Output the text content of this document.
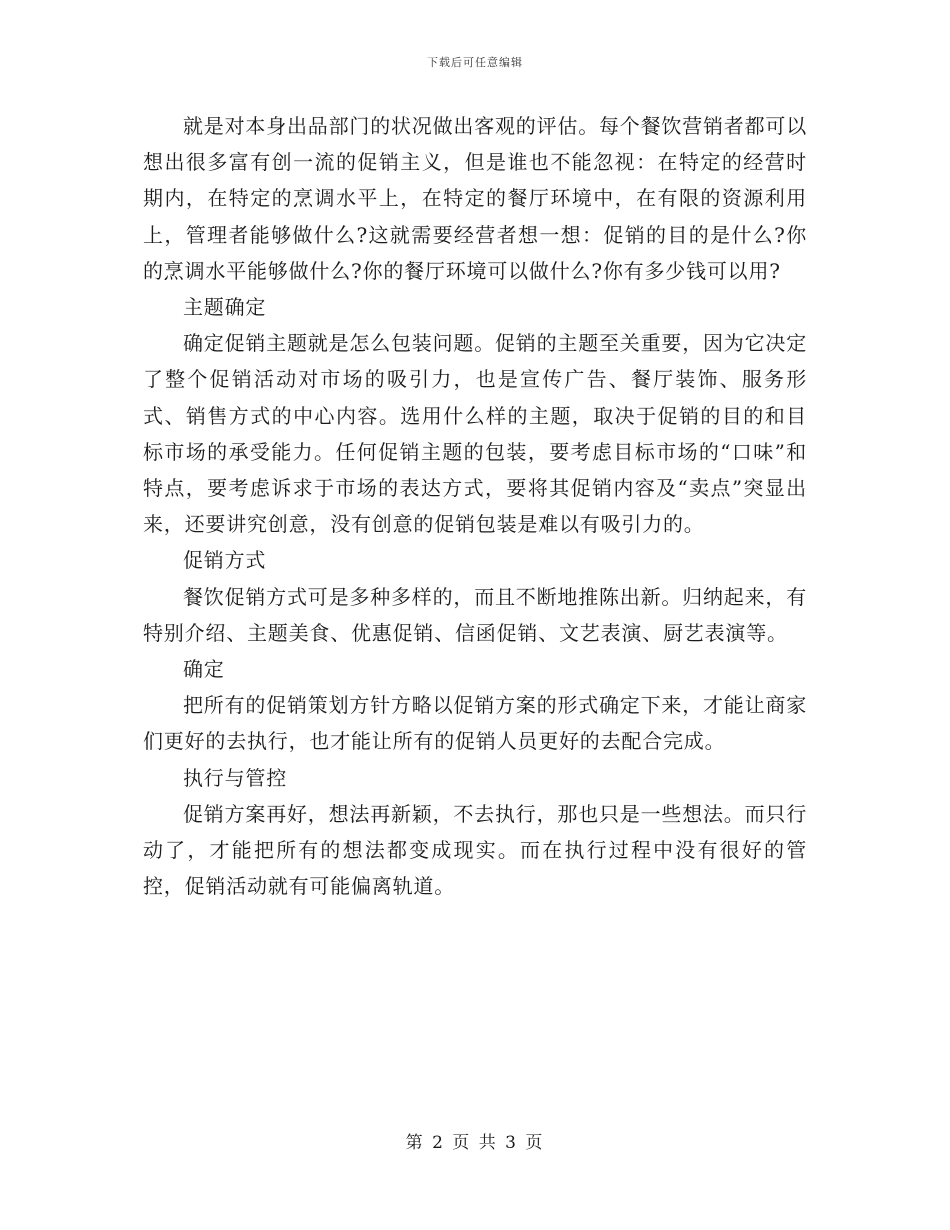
下载后可任意编辑

就是对本身出品部门的状况做出客观的评估。每个餐饮营销者都可以想出很多富有创一流的促销主义，但是谁也不能忽视：在特定的经营时期内，在特定的烹调水平上，在特定的餐厅环境中，在有限的资源利用上，管理者能够做什么?这就需要经营者想一想：促销的目的是什么?你的烹调水平能够做什么?你的餐厅环境可以做什么?你有多少钱可以用?

主题确定

确定促销主题就是怎么包装问题。促销的主题至关重要，因为它决定了整个促销活动对市场的吸引力，也是宣传广告、餐厅装饰、服务形式、销售方式的中心内容。选用什么样的主题，取决于促销的目的和目标市场的承受能力。任何促销主题的包装，要考虑目标市场的“口味”和特点，要考虑诉求于市场的表达方式，要将其促销内容及“卖点”突显出来，还要讲究创意，没有创意的促销包装是难以有吸引力的。

促销方式

餐饮促销方式可是多种多样的，而且不断地推陈出新。归纳起来，有特别介绍、主题美食、优惠促销、信函促销、文艺表演、厨艺表演等。

确定

把所有的促销策划方针方略以促销方案的形式确定下来，才能让商家们更好的去执行，也才能让所有的促销人员更好的去配合完成。

执行与管控

促销方案再好，想法再新颖，不去执行，那也只是一些想法。而只行动了，才能把所有的想法都变成现实。而在执行过程中没有很好的管控，促销活动就有可能偏离轨道。

第 2 页 共 3 页
